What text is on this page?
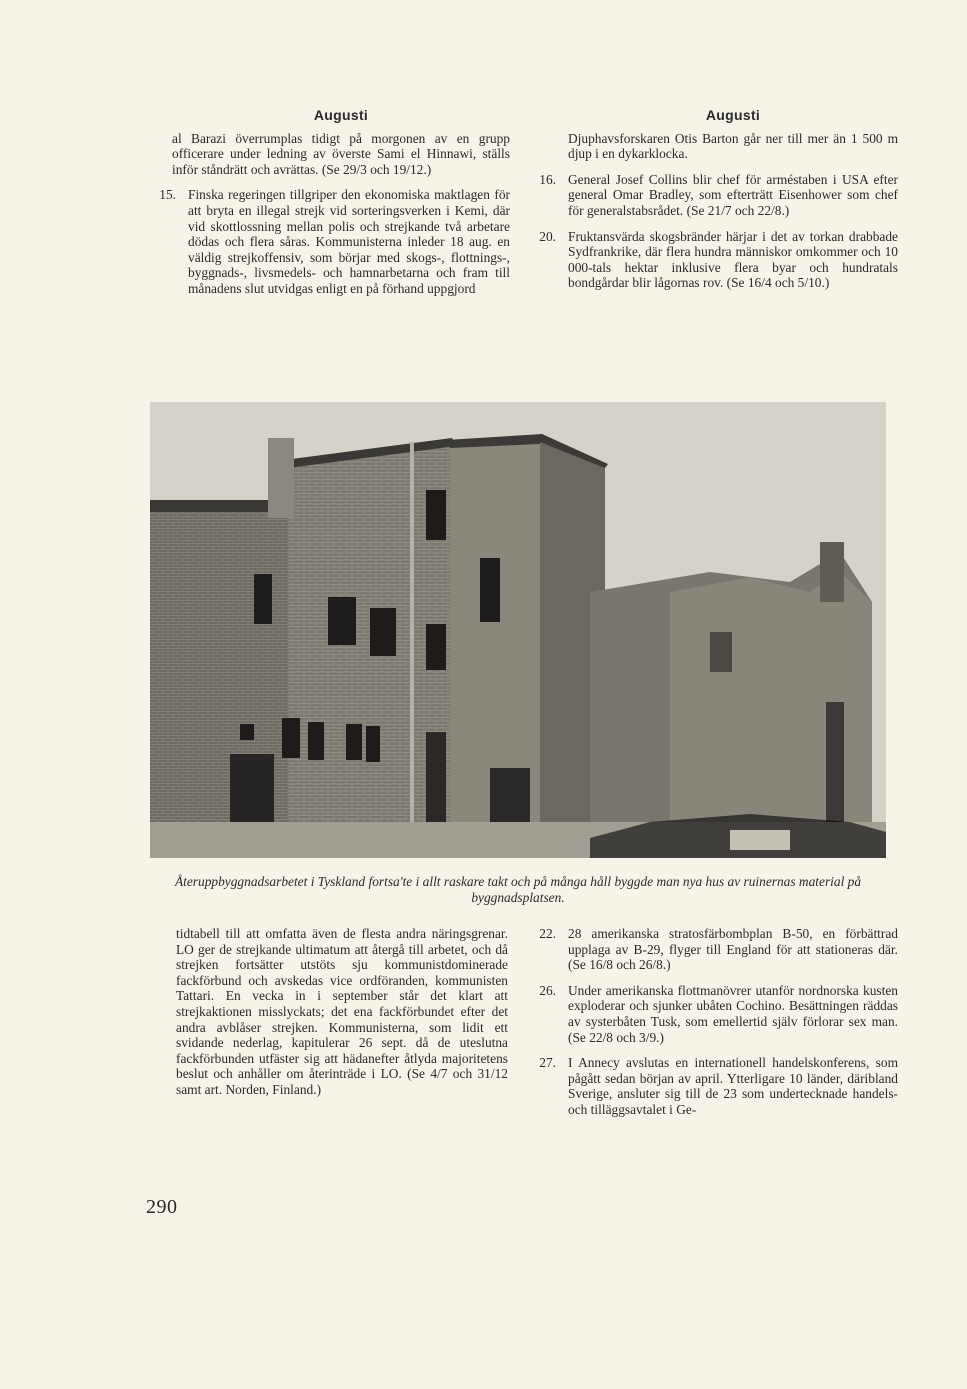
Augusti
al Barazi överrumplas tidigt på morgonen av en grupp officerare under ledning av överste Sami el Hinnawi, ställs inför ståndrätt och avrättas. (Se 29/3 och 19/12.)
15. Finska regeringen tillgriper den ekonomiska maktlagen för att bryta en illegal strejk vid sorteringsverken i Kemi, där vid skottlossning mellan polis och strejkande två arbetare dödas och flera såras. Kommunisterna inleder 18 aug. en väldig strejkoffensiv, som börjar med skogs-, flottnings-, byggnads-, livsmedels- och hamnarbetarna och fram till månadens slut utvidgas enligt en på förhand uppgjord
Augusti
Djuphavsforskaren Otis Barton går ner till mer än 1 500 m djup i en dykarklocka.
16. General Josef Collins blir chef för arméstaben i USA efter general Omar Bradley, som efterträtt Eisenhower som chef för generalstabsrådet. (Se 21/7 och 22/8.)
20. Fruktansvärda skogsbränder härjar i det av torkan drabbade Sydfrankrike, där flera hundra människor omkommer och 10 000-tals hektar inklusive flera byar och hundratals bondgårdar blir lågornas rov. (Se 16/4 och 5/10.)
Återuppbyggnadsarbetet i Tyskland fortsa'te i allt raskare takt och på många håll byggde man nya hus av ruinernas material på byggnadsplatsen.
tidtabell till att omfatta även de flesta andra näringsgrenar. LO ger de strejkande ultimatum att återgå till arbetet, och då strejken fortsätter utstöts sju kommunistdominerade fackförbund och avskedas vice ordföranden, kommunisten Tattari. En vecka in i september står det klart att strejkaktionen misslyckats; det ena fackförbundet efter det andra avblåser strejken. Kommunisterna, som lidit ett svidande nederlag, kapitulerar 26 sept. då de uteslutna fackförbunden utfäster sig att hädanefter åtlyda majoritetens beslut och anhåller om återinträde i LO. (Se 4/7 och 31/12 samt art. Norden, Finland.)
22. 28 amerikanska stratosfärbombplan B-50, en förbättrad upplaga av B-29, flyger till England för att stationeras där. (Se 16/8 och 26/8.)
26. Under amerikanska flottmanövrer utanför nordnorska kusten exploderar och sjunker ubåten Cochino. Besättningen räddas av systerbåten Tusk, som emellertid själv förlorar sex man. (Se 22/8 och 3/9.)
27. I Annecy avslutas en internationell handelskonferens, som pågått sedan början av april. Ytterligare 10 länder, däribland Sverige, ansluter sig till de 23 som undertecknade handels- och tilläggsavtalet i Ge-
290
